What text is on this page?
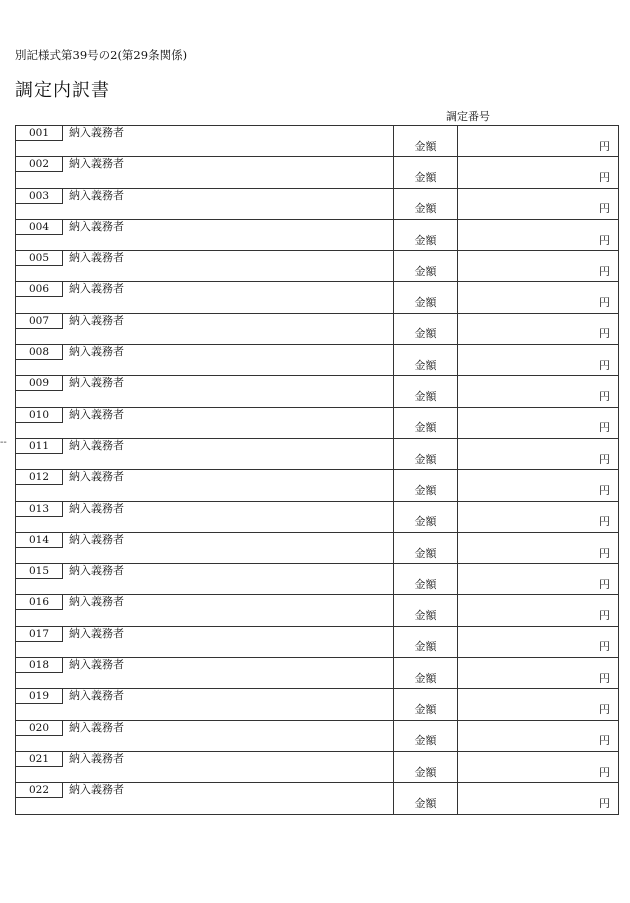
別記様式第39号の2(第29条関係)
調定内訳書
調定番号
--
001 納入義務者	金額	円

002 納入義務者	金額	円

003 納入義務者	金額	円

004 納入義務者	金額	円

005 納入義務者	金額	円

006 納入義務者	金額	円

007 納入義務者	金額	円

008 納入義務者	金額	円

009 納入義務者	金額	円

010 納入義務者	金額	円

011 納入義務者	金額	円

012 納入義務者	金額	円

013 納入義務者	金額	円

014 納入義務者	金額	円

015 納入義務者	金額	円

016 納入義務者	金額	円

017 納入義務者	金額	円

018 納入義務者	金額	円

019 納入義務者	金額	円

020 納入義務者	金額	円

021 納入義務者	金額	円

022 納入義務者	金額	円
